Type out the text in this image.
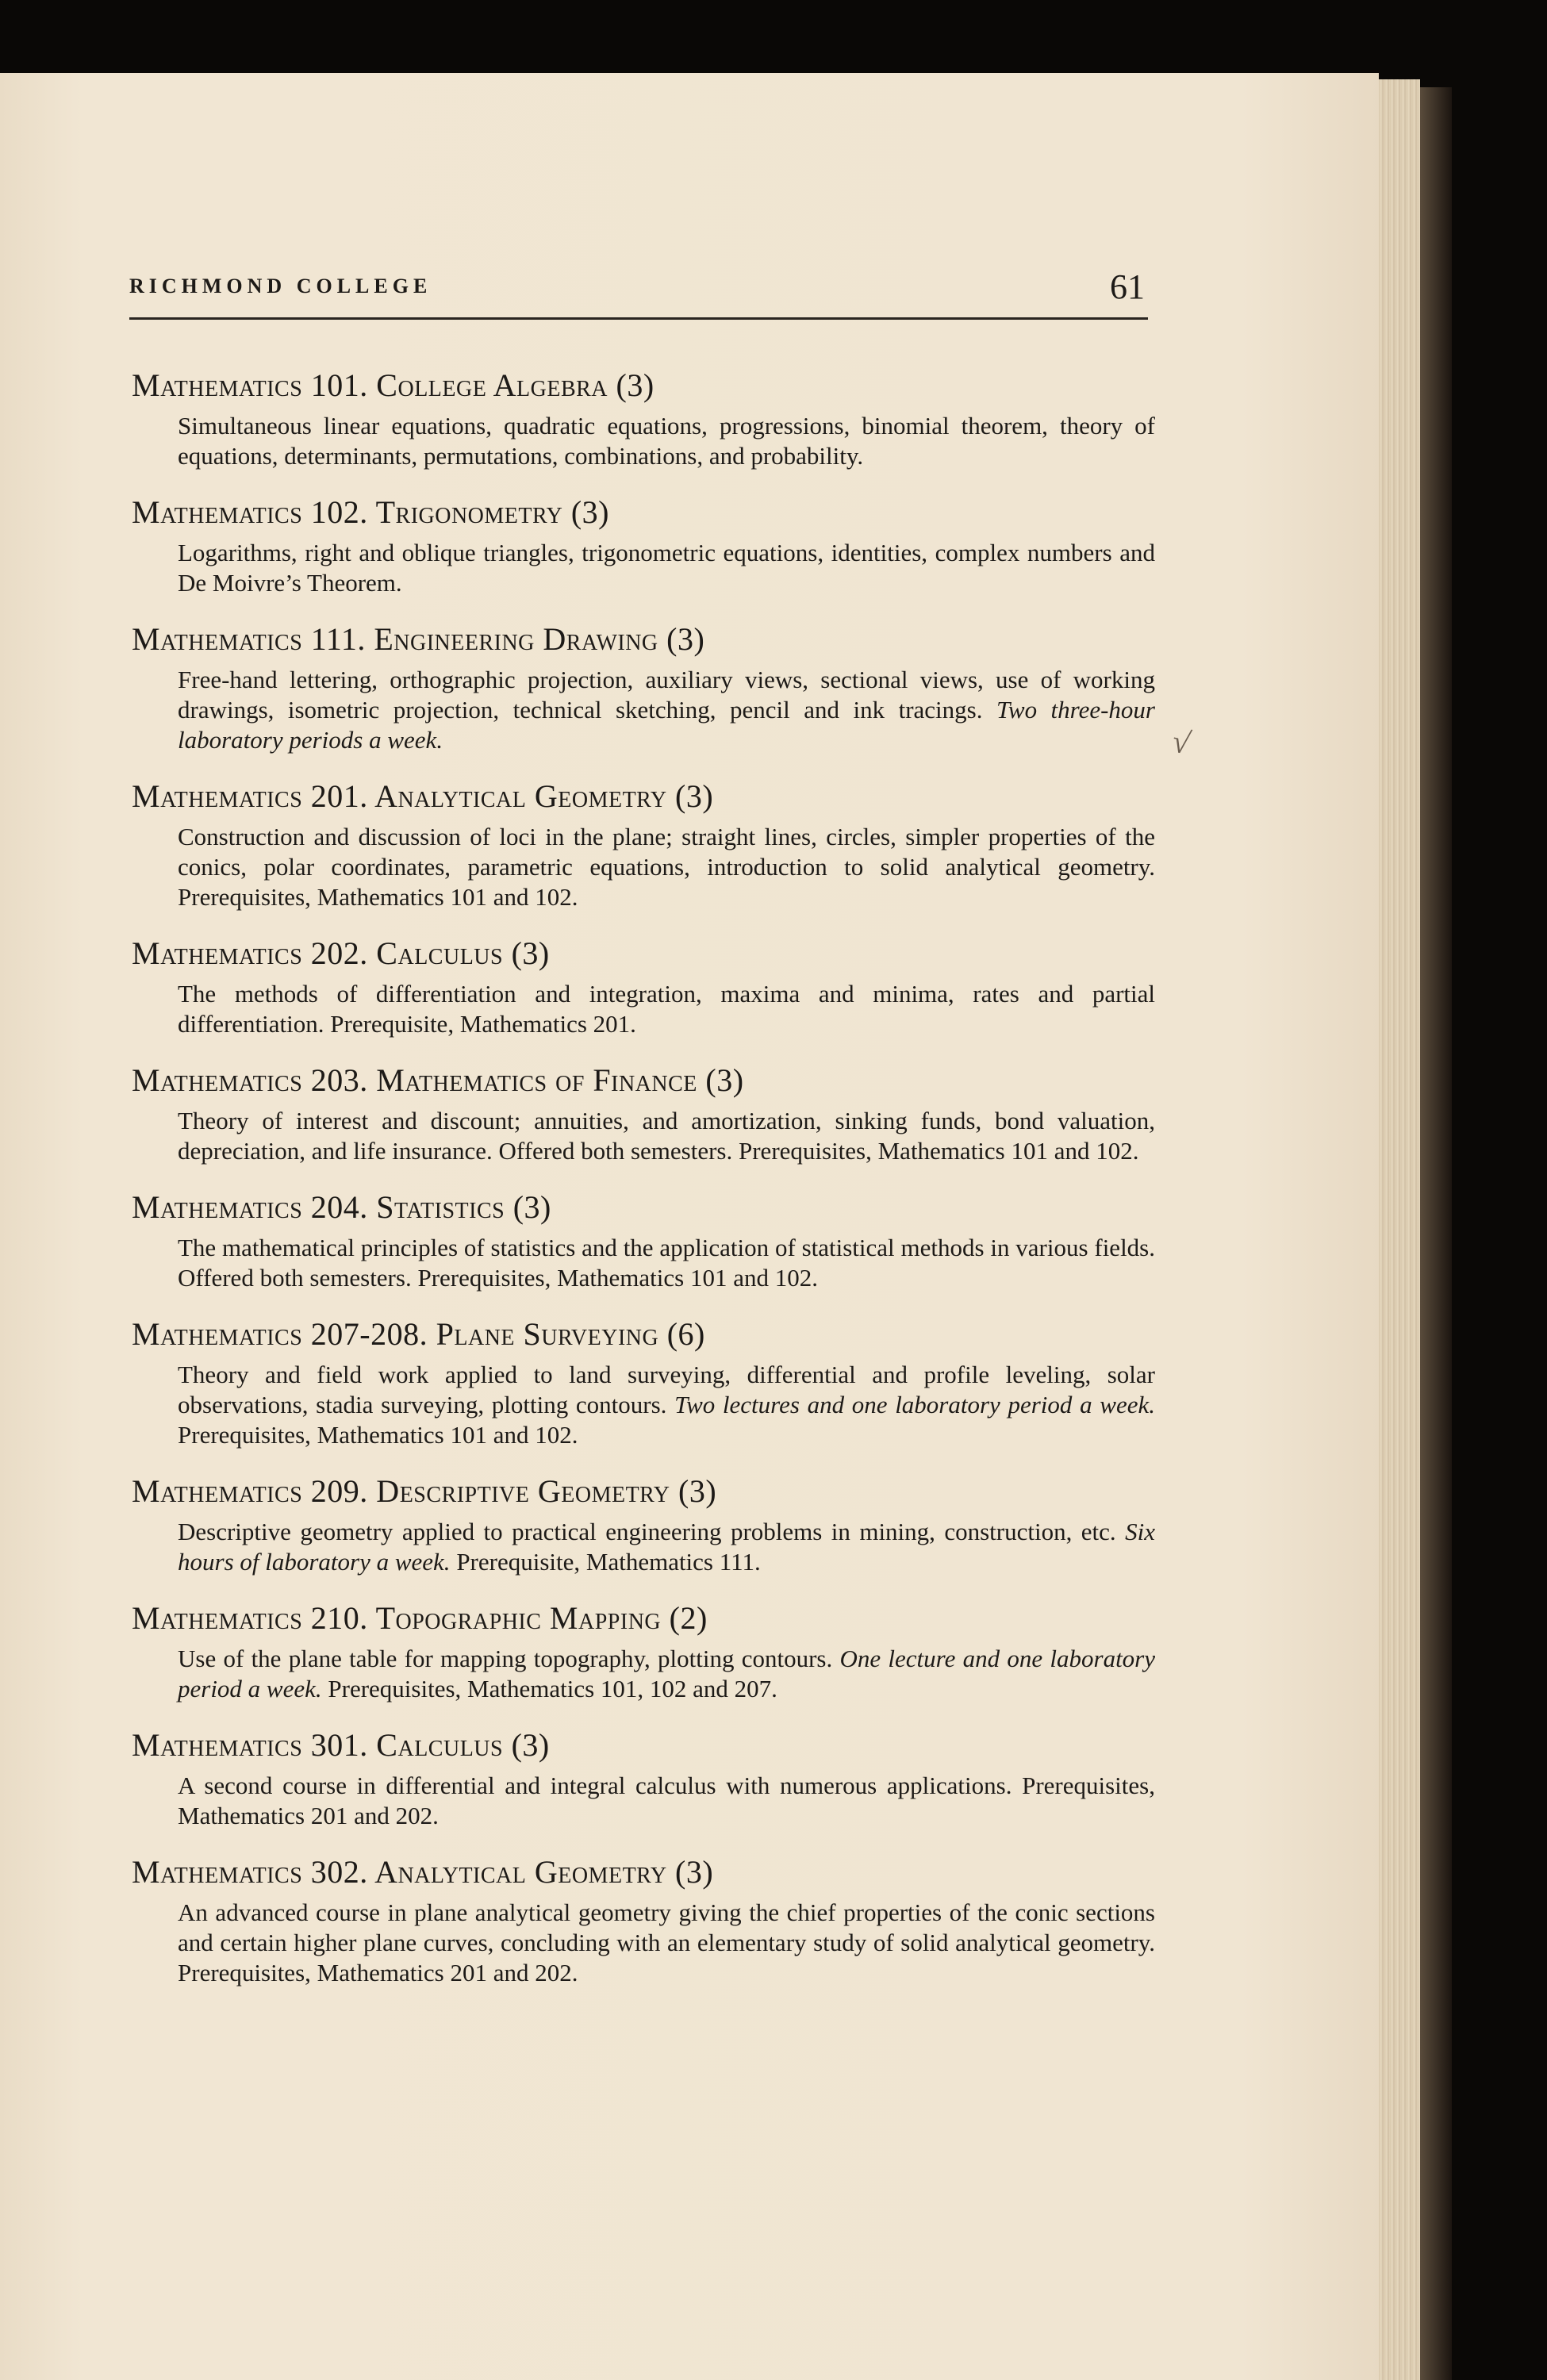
RICHMOND COLLEGE	61
√
Mathematics 101. College Algebra (3)

Simultaneous linear equations, quadratic equations, progressions, binomial theorem, theory of equations, determinants, permutations, combinations, and probability.

Mathematics 102. Trigonometry (3)

Logarithms, right and oblique triangles, trigonometric equations, identities, complex numbers and De Moivre’s Theorem.

Mathematics 111. Engineering Drawing (3)

Free-hand lettering, orthographic projection, auxiliary views, sectional views, use of working drawings, isometric projection, technical sketching, pencil and ink tracings. Two three-hour laboratory periods a week.

Mathematics 201. Analytical Geometry (3)

Construction and discussion of loci in the plane; straight lines, circles, simpler properties of the conics, polar coordinates, parametric equations, introduction to solid analytical geometry. Prerequisites, Mathematics 101 and 102.

Mathematics 202. Calculus (3)

The methods of differentiation and integration, maxima and minima, rates and partial differentiation. Prerequisite, Mathematics 201.

Mathematics 203. Mathematics of Finance (3)

Theory of interest and discount; annuities, and amortization, sinking funds, bond valuation, depreciation, and life insurance. Offered both semesters. Prerequisites, Mathematics 101 and 102.

Mathematics 204. Statistics (3)

The mathematical principles of statistics and the application of statistical methods in various fields. Offered both semesters. Prerequisites, Mathematics 101 and 102.

Mathematics 207-208. Plane Surveying (6)

Theory and field work applied to land surveying, differential and profile leveling, solar observations, stadia surveying, plotting contours. Two lectures and one laboratory period a week. Prerequisites, Mathematics 101 and 102.

Mathematics 209. Descriptive Geometry (3)

Descriptive geometry applied to practical engineering problems in mining, construction, etc. Six hours of laboratory a week. Prerequisite, Mathematics 111.

Mathematics 210. Topographic Mapping (2)

Use of the plane table for mapping topography, plotting contours. One lecture and one laboratory period a week. Prerequisites, Mathematics 101, 102 and 207.

Mathematics 301. Calculus (3)

A second course in differential and integral calculus with numerous applications. Prerequisites, Mathematics 201 and 202.

Mathematics 302. Analytical Geometry (3)

An advanced course in plane analytical geometry giving the chief properties of the conic sections and certain higher plane curves, concluding with an elementary study of solid analytical geometry. Prerequisites, Mathematics 201 and 202.
